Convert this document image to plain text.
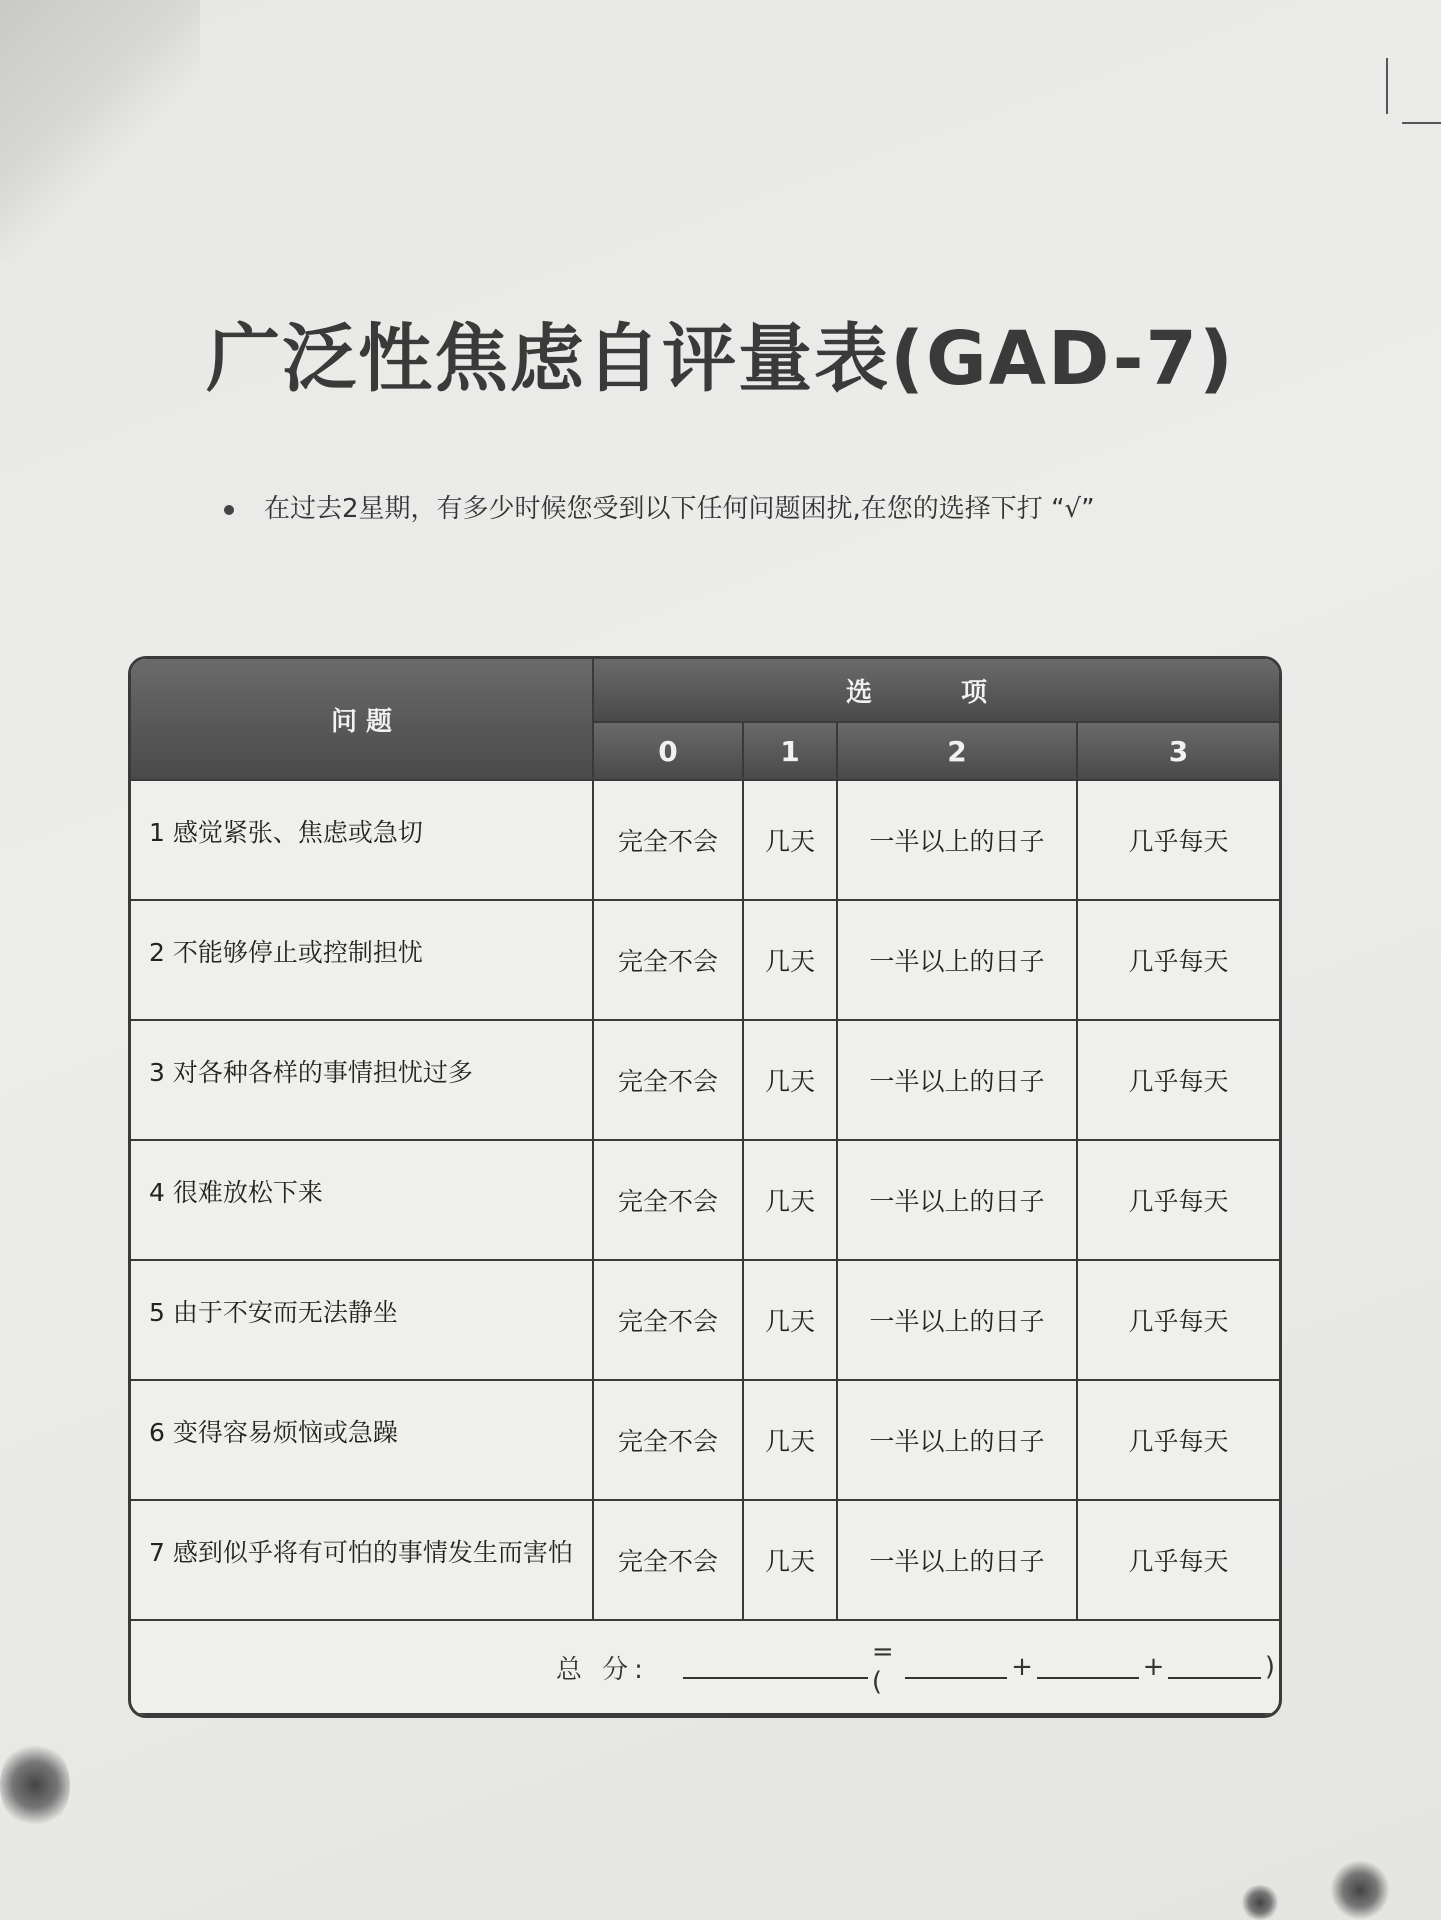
广泛性焦虑自评量表(GAD-7)
在过去2星期，有多少时候您受到以下任何问题困扰,在您的选择下打 “√”
问 题	选 项			
	0	1	2	3
1 感觉紧张、焦虑或急切	完全不会	几天	一半以上的日子	几乎每天
2 不能够停止或控制担忧	完全不会	几天	一半以上的日子	几乎每天
3 对各种各样的事情担忧过多	完全不会	几天	一半以上的日子	几乎每天
4 很难放松下来	完全不会	几天	一半以上的日子	几乎每天
5 由于不安而无法静坐	完全不会	几天	一半以上的日子	几乎每天
6 变得容易烦恼或急躁	完全不会	几天	一半以上的日子	几乎每天
7 感到似乎将有可怕的事情发生而害怕	完全不会	几天	一半以上的日子	几乎每天

总 分:
=( + + )				
